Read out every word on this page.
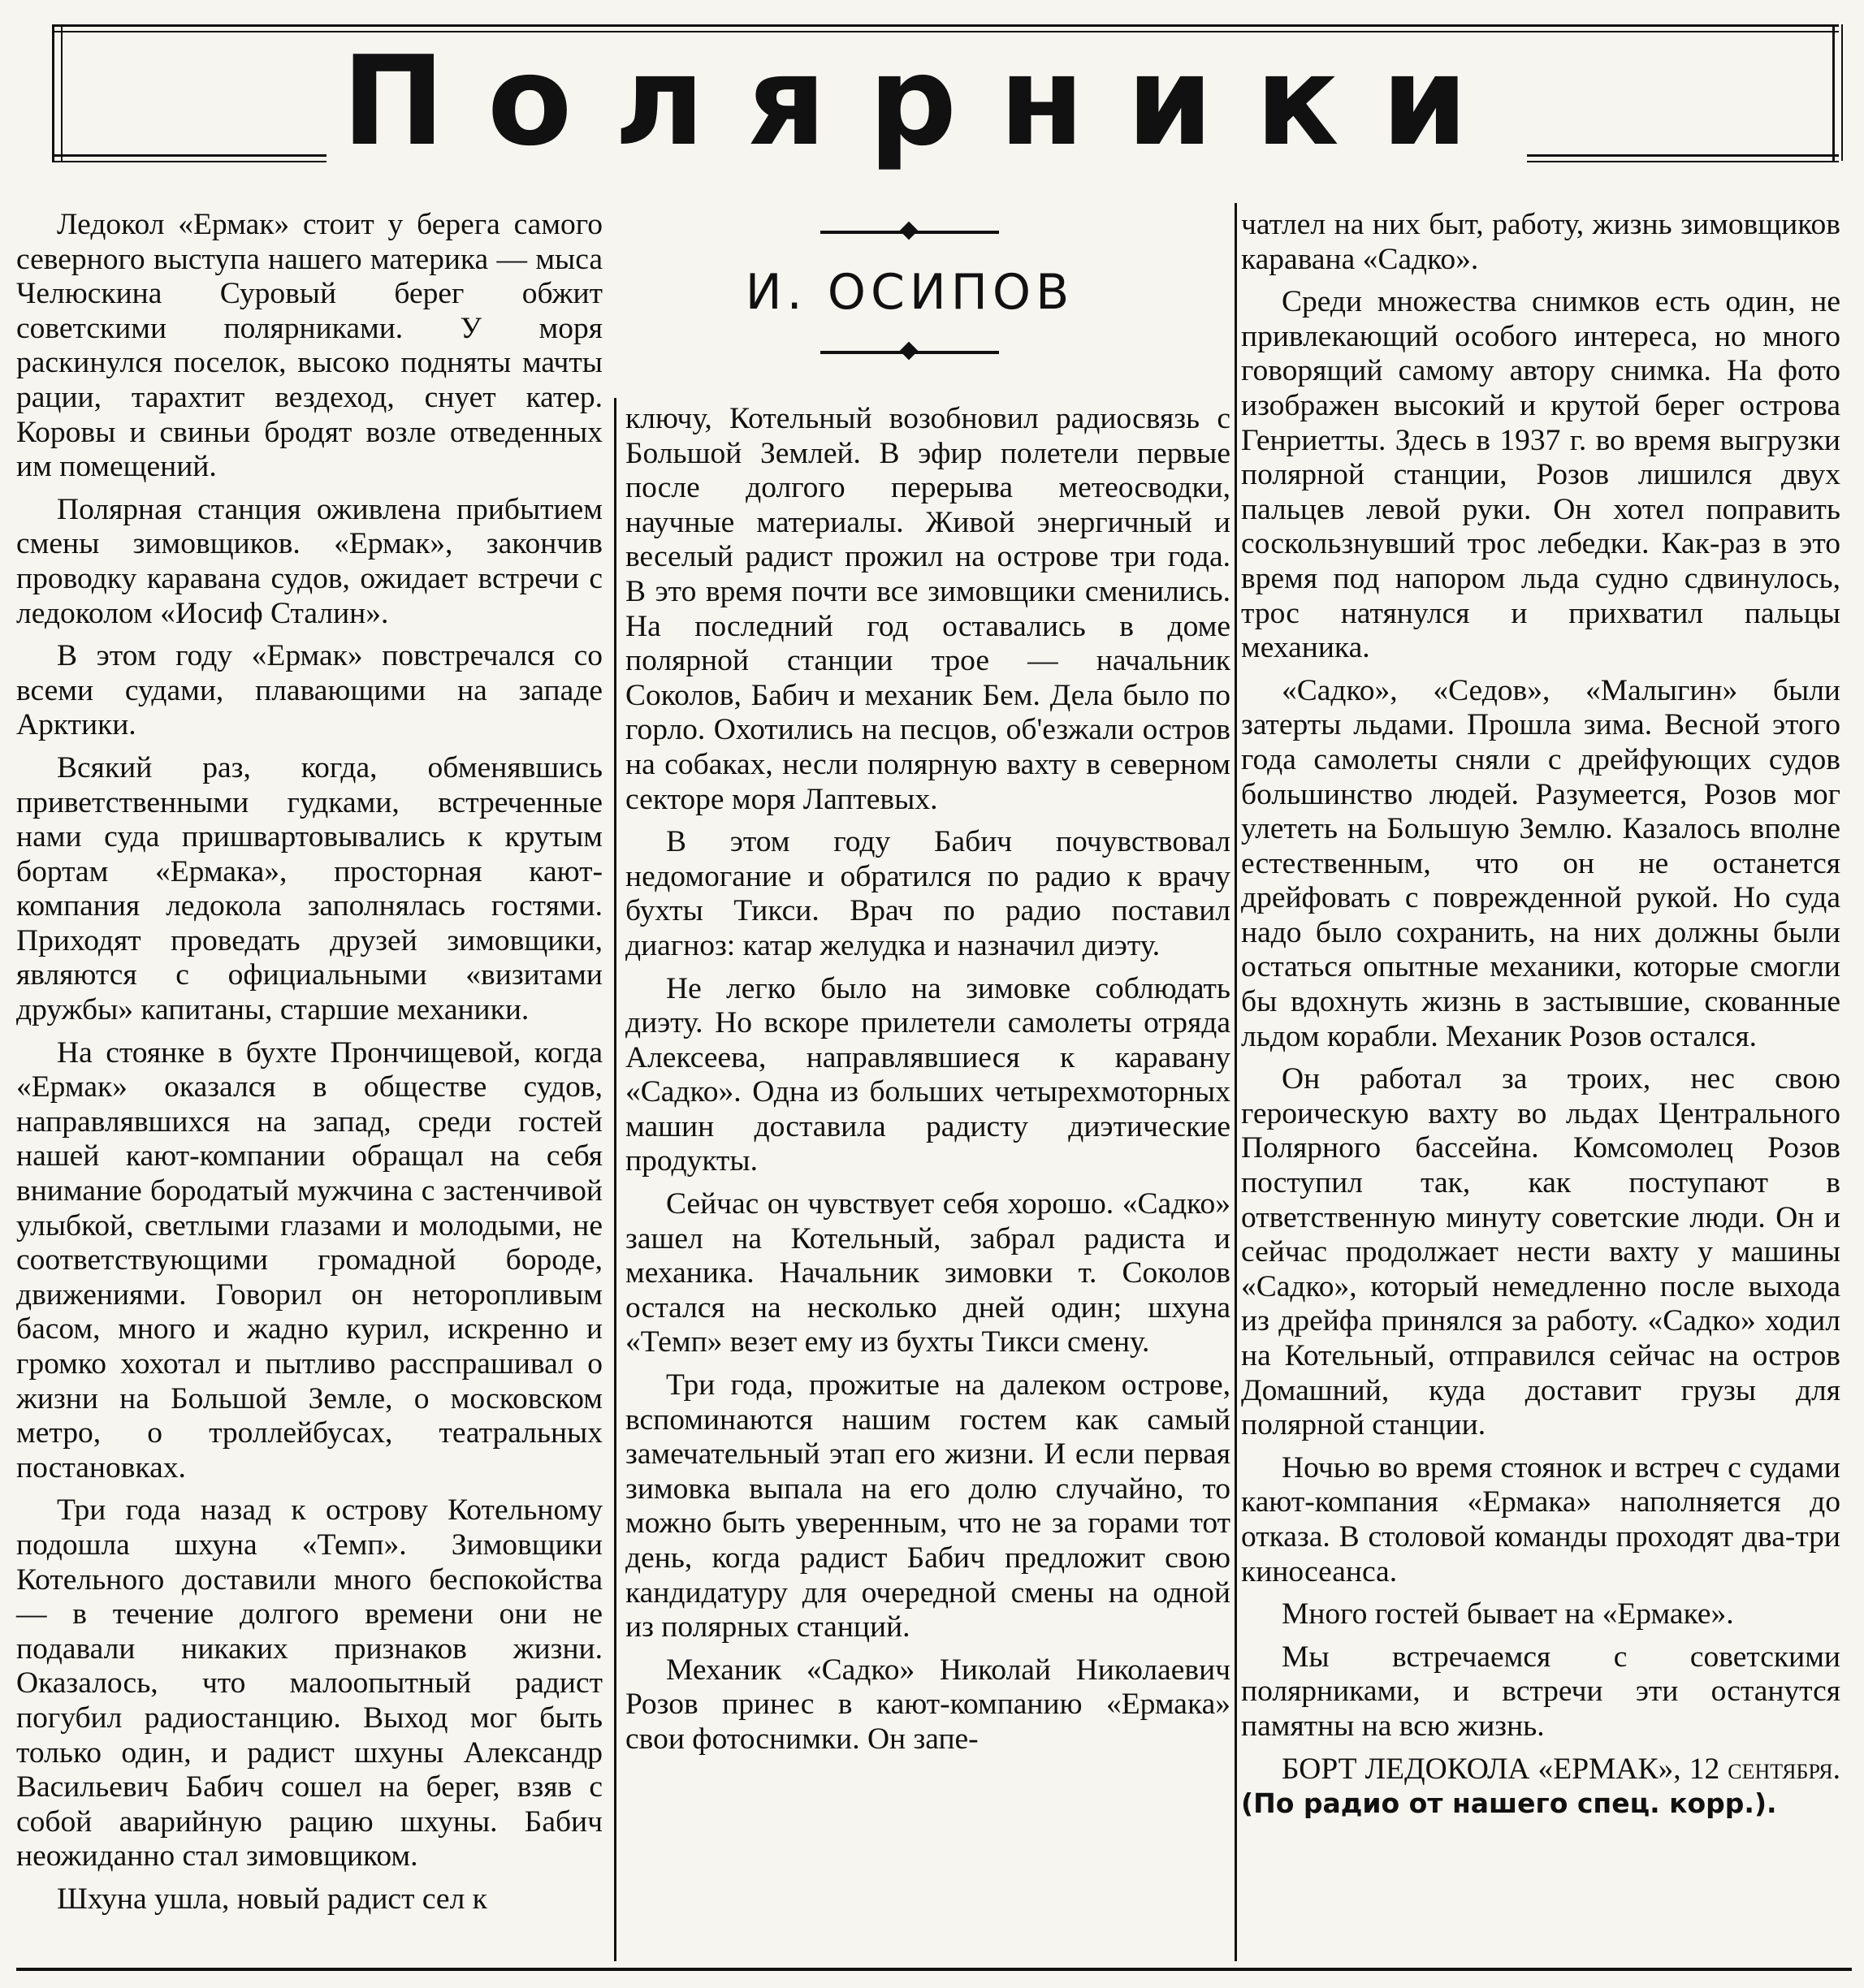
Полярники
И. ОСИПОВ

Ледокол «Ермак» стоит у берега самого северного выступа нашего материка — мыса Челюскина Суровый берег обжит советскими полярниками. У моря раскинулся поселок, высоко подняты мачты рации, тарахтит вездеход, снует катер. Коровы и свиньи бродят возле отведенных им помещений.

Полярная станция оживлена прибытием смены зимовщиков. «Ермак», закончив проводку каравана судов, ожидает встречи с ледоколом «Иосиф Сталин».

В этом году «Ермак» повстречался со всеми судами, плавающими на западе Арктики.

Всякий раз, когда, обменявшись приветственными гудками, встреченные нами суда пришвартовывались к крутым бортам «Ермака», просторная кают-компания ледокола заполнялась гостями. Приходят проведать друзей зимовщики, являются с официальными «визитами дружбы» капитаны, старшие механики.

На стоянке в бухте Прончищевой, когда «Ермак» оказался в обществе судов, направлявшихся на запад, среди гостей нашей кают-компании обращал на себя внимание бородатый мужчина с застенчивой улыбкой, светлыми глазами и молодыми, не соответствующими громадной бороде, движениями. Говорил он неторопливым басом, много и жадно курил, искренно и громко хохотал и пытливо расспрашивал о жизни на Большой Земле, о московском метро, о троллейбусах, театральных постановках.

Три года назад к острову Котельному подошла шхуна «Темп». Зимовщики Котельного доставили много беспокойства — в течение долгого времени они не подавали никаких признаков жизни. Оказалось, что малоопытный радист погубил радиостанцию. Выход мог быть только один, и радист шхуны Александр Васильевич Бабич сошел на берег, взяв с собой аварийную рацию шхуны. Бабич неожиданно стал зимовщиком.

Шхуна ушла, новый радист сел к

ключу, Котельный возобновил радиосвязь с Большой Землей. В эфир полетели первые после долгого перерыва метеосводки, научные материалы. Живой энергичный и веселый радист прожил на острове три года. В это время почти все зимовщики сменились. На последний год оставались в доме полярной станции трое — начальник Соколов, Бабич и механик Бем. Дела было по горло. Охотились на песцов, об'езжали остров на собаках, несли полярную вахту в северном секторе моря Лаптевых.

В этом году Бабич почувствовал недомогание и обратился по радио к врачу бухты Тикси. Врач по радио поставил диагноз: катар желудка и назначил диэту.

Не легко было на зимовке соблюдать диэту. Но вскоре прилетели самолеты отряда Алексеева, направлявшиеся к каравану «Садко». Одна из больших четырехмоторных машин доставила радисту диэтические продукты.

Сейчас он чувствует себя хорошо. «Садко» зашел на Котельный, забрал радиста и механика. Начальник зимовки т. Соколов остался на несколько дней один; шхуна «Темп» везет ему из бухты Тикси смену.

Три года, прожитые на далеком острове, вспоминаются нашим гостем как самый замечательный этап его жизни. И если первая зимовка выпала на его долю случайно, то можно быть уверенным, что не за горами тот день, когда радист Бабич предложит свою кандидатуру для очередной смены на одной из полярных станций.

Механик «Садко» Николай Николаевич Розов принес в кают-компанию «Ермака» свои фотоснимки. Он запе-

чатлел на них быт, работу, жизнь зимовщиков каравана «Садко».

Среди множества снимков есть один, не привлекающий особого интереса, но много говорящий самому автору снимка. На фото изображен высокий и крутой берег острова Генриетты. Здесь в 1937 г. во время выгрузки полярной станции, Розов лишился двух пальцев левой руки. Он хотел поправить соскользнувший трос лебедки. Как-раз в это время под напором льда судно сдвинулось, трос натянулся и прихватил пальцы механика.

«Садко», «Седов», «Малыгин» были затерты льдами. Прошла зима. Весной этого года самолеты сняли с дрейфующих судов большинство людей. Разумеется, Розов мог улететь на Большую Землю. Казалось вполне естественным, что он не останется дрейфовать с поврежденной рукой. Но суда надо было сохранить, на них должны были остаться опытные механики, которые смогли бы вдохнуть жизнь в застывшие, скованные льдом корабли. Механик Розов остался.

Он работал за троих, нес свою героическую вахту во льдах Центрального Полярного бассейна. Комсомолец Розов поступил так, как поступают в ответственную минуту советские люди. Он и сейчас продолжает нести вахту у машины «Садко», который немедленно после выхода из дрейфа принялся за работу. «Садко» ходил на Котельный, отправился сейчас на остров Домашний, куда доставит грузы для полярной станции.

Ночью во время стоянок и встреч с судами кают-компания «Ермака» наполняется до отказа. В столовой команды проходят два-три киносеанса.

Много гостей бывает на «Ермаке».

Мы встречаемся с советскими полярниками, и встречи эти останутся памятны на всю жизнь.

БОРТ ЛЕДОКОЛА «ЕРМАК», 12 сентября. (По радио от нашего спец. корр.).
